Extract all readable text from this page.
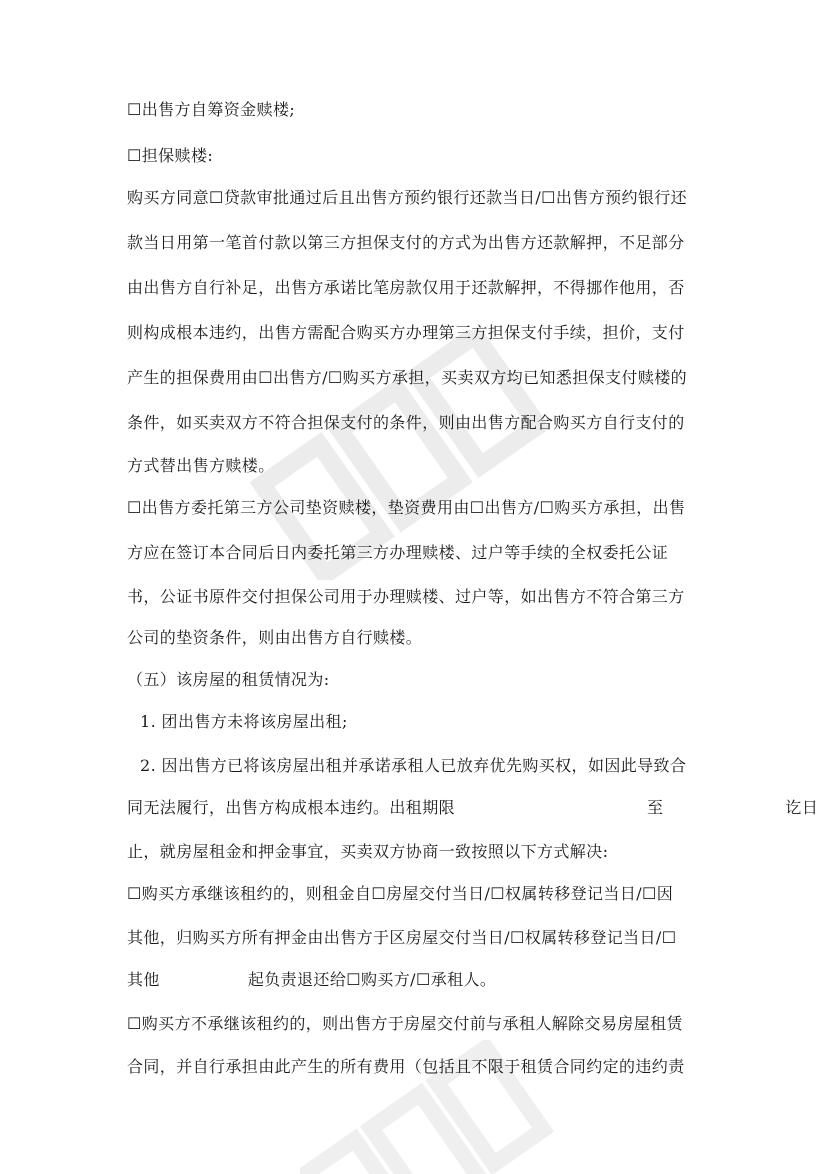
☐出售方自筹资金赎楼;
☐担保赎楼:
购买方同意☐贷款审批通过后且出售方预约银行还款当日/☐出售方预约银行还
款当日用第一笔首付款以第三方担保支付的方式为出售方还款解押，不足部分
由出售方自行补足，出售方承诺比笔房款仅用于还款解押，不得挪作他用，否
则构成根本违约，出售方需配合购买方办理第三方担保支付手续，担价，支付
产生的担保费用由☐出售方/☐购买方承担，买卖双方均已知悉担保支付赎楼的
条件，如买卖双方不符合担保支付的条件，则由出售方配合购买方自行支付的
方式替出售方赎楼。
☐出售方委托第三方公司垫资赎楼，垫资费用由☐出售方/☐购买方承担，出售
方应在签订本合同后日内委托第三方办理赎楼、过户等手续的全权委托公证
书，公证书原件交付担保公司用于办理赎楼、过户等，如出售方不符合第三方
公司的垫资条件，则由出售方自行赎楼。
（五）该房屋的租赁情况为:
1. 团出售方未将该房屋出租;
2. 因出售方已将该房屋出租并承诺承租人已放弃优先购买权，如因此导致合
同无法履行，出售方构成根本违约。出租期限	至	讫日
止，就房屋租金和押金事宜，买卖双方协商一致按照以下方式解决:
☐购买方承继该租约的，则租金自☐房屋交付当日/☐权属转移登记当日/☐因
其他，归购买方所有押金由出售方于区房屋交付当日/☐权属转移登记当日/☐
其他	起负责退还给☐购买方/☐承租人。
☐购买方不承继该租约的，则出售方于房屋交付前与承租人解除交易房屋租赁
合同，并自行承担由此产生的所有费用（包括且不限于租赁合同约定的违约责
